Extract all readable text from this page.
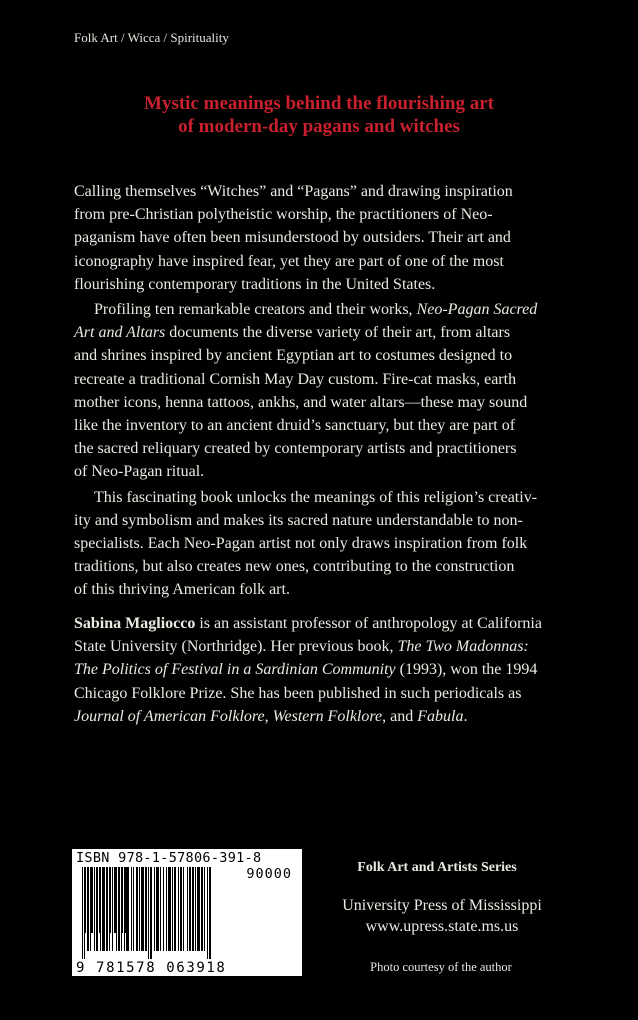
Folk Art / Wicca / Spirituality
Mystic meanings behind the flourishing art
of modern-day pagans and witches

Calling themselves “Witches” and “Pagans” and drawing inspiration
from pre-Christian polytheistic worship, the practitioners of Neo-
paganism have often been misunderstood by outsiders. Their art and
iconography have inspired fear, yet they are part of one of the most
flourishing contemporary traditions in the United States.

Profiling ten remarkable creators and their works, Neo-Pagan Sacred
Art and Altars documents the diverse variety of their art, from altars
and shrines inspired by ancient Egyptian art to costumes designed to
recreate a traditional Cornish May Day custom. Fire-cat masks, earth
mother icons, henna tattoos, ankhs, and water altars—these may sound
like the inventory to an ancient druid’s sanctuary, but they are part of
the sacred reliquary created by contemporary artists and practitioners
of Neo-Pagan ritual.

This fascinating book unlocks the meanings of this religion’s creativ-
ity and symbolism and makes its sacred nature understandable to non-
specialists. Each Neo-Pagan artist not only draws inspiration from folk
traditions, but also creates new ones, contributing to the construction
of this thriving American folk art.

Sabina Magliocco is an assistant professor of anthropology at California
State University (Northridge). Her previous book, The Two Madonnas:
The Politics of Festival in a Sardinian Community (1993), won the 1994
Chicago Folklore Prize. She has been published in such periodicals as
Journal of American Folklore, Western Folklore, and Fabula.
ISBN 978-1-57806-391-8
90000
9 781578 063918
Folk Art and Artists Series
University Press of Mississippi
www.upress.state.ms.us
Photo courtesy of the author
